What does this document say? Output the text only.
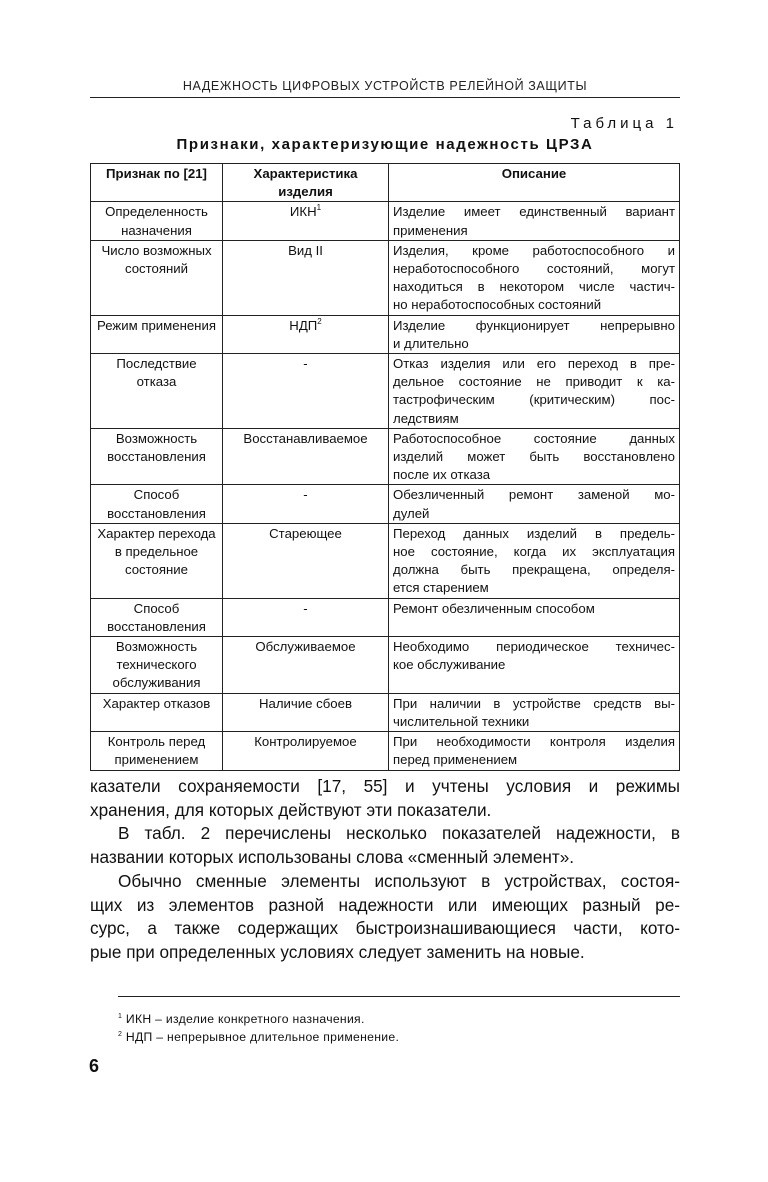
НАДЕЖНОСТЬ ЦИФРОВЫХ УСТРОЙСТВ РЕЛЕЙНОЙ ЗАЩИТЫ
Таблица 1
Признаки, характеризующие надежность ЦРЗА
Признак по [21]	Характеристика изделия	Описание
Определенность назначения	ИКН$^1$	Изделие имеет единственный вариант
применения

Число возможных состояний	Вид II	Изделия, кроме работоспособного и
неработоспособного состояний, могут
находиться в некотором числе частич-
но неработоспособных состояний

Режим применения	НДП$^2$	Изделие функционирует непрерывно
и длительно

Последствие отказа	-	Отказ изделия или его переход в пре-
дельное состояние не приводит к ка-
тастрофическим (критическим) пос-
ледствиям

Возможность восстановления	Восстанавливаемое	Работоспособное состояние данных
изделий может быть восстановлено
после их отказа

Способ восстановления	-	Обезличенный ремонт заменой мо-
дулей

Характер перехода в предельное состояние	Стареющее	Переход данных изделий в предель-
ное состояние, когда их эксплуатация
должна быть прекращена, определя-
ется старением

Способ восстановления	-	Ремонт обезличенным способом

Возможность технического обслуживания	Обслуживаемое	Необходимо периодическое техничес-
кое обслуживание

Характер отказов	Наличие сбоев	При наличии в устройстве средств вы-
числительной техники

Контроль перед применением	Контролируемое	При необходимости контроля изделия
перед применением
казатели сохраняемости [17, 55] и учтены условия и режимы
хранения, для которых действуют эти показатели.
В табл. 2 перечислены несколько показателей надежности, в
названии которых использованы слова «сменный элемент».
Обычно сменные элементы используют в устройствах, состоя-
щих из элементов разной надежности или имеющих разный ре-
сурс, а также содержащих быстроизнашивающиеся части, кото-
рые при определенных условиях следует заменить на новые.
$^1$ ИКН – изделие конкретного назначения.
$^2$ НДП – непрерывное длительное применение.
6
